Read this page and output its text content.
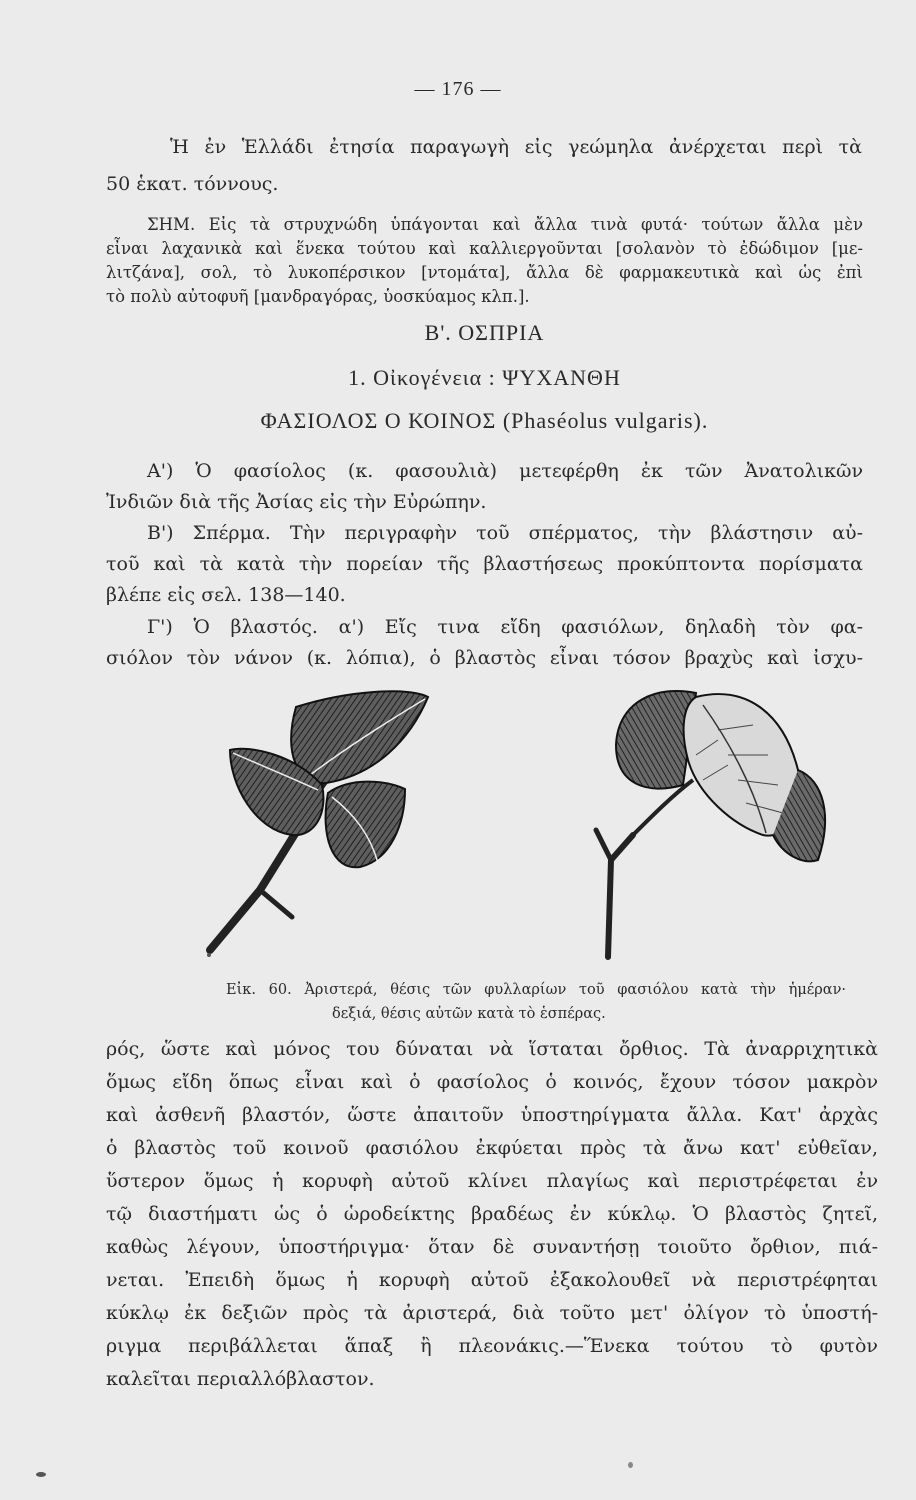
— 176 —
Ἡ ἐν Ἑλλάδι ἐτησία παραγωγὴ εἰς γεώμηλα ἀνέρχεται περὶ τὰ
50 ἑκατ. τόννους.
ΣΗΜ. Εἰς τὰ στρυχνώδη ὑπάγονται καὶ ἄλλα τινὰ φυτά· τούτων ἄλλα μὲν
εἶναι λαχανικὰ καὶ ἕνεκα τούτου καὶ καλλιεργοῦνται [σολανὸν τὸ ἐδώδιμον [με-
λιτζάνα], σολ, τὸ λυκοπέρσικον [ντομάτα], ἄλλα δὲ φαρμακευτικὰ καὶ ὡς ἐπὶ
τὸ πολὺ αὐτοφυῆ [μανδραγόρας, ὑοσκύαμος κλπ.].
Β'. ΟΣΠΡΙΑ
1. Οἰκογένεια : ΨΥΧΑΝΘΗ
ΦΑΣΙΟΛΟΣ Ο ΚΟΙΝΟΣ (Phaséolus vulgaris).
Α') Ὁ φασίολος (κ. φασουλιὰ) μετεφέρθη ἐκ τῶν Ἀνατολικῶν
Ἰνδιῶν διὰ τῆς Ἀσίας εἰς τὴν Εὐρώπην.
Β') Σπέρμα. Τὴν περιγραφὴν τοῦ σπέρματος, τὴν βλάστησιν αὐ-
τοῦ καὶ τὰ κατὰ τὴν πορείαν τῆς βλαστήσεως προκύπτοντα πορίσματα
βλέπε εἰς σελ. 138—140.
Γ') Ὁ βλαστός. α') Εἴς τινα εἴδη φασιόλων, δηλαδὴ τὸν φα-
σιόλον τὸν νάνον (κ. λόπια), ὁ βλαστὸς εἶναι τόσον βραχὺς καὶ ἰσχυ-
Εἰκ. 60. Ἀριστερά, θέσις τῶν φυλλαρίων τοῦ φασιόλου κατὰ τὴν ἡμέραν·
δεξιά, θέσις αὐτῶν κατὰ τὸ ἑσπέρας.
ρός, ὥστε καὶ μόνος του δύναται νὰ ἵσταται ὄρθιος. Τὰ ἀναρριχητικὰ
ὅμως εἴδη ὅπως εἶναι καὶ ὁ φασίολος ὁ κοινός, ἔχουν τόσον μακρὸν
καὶ ἀσθενῆ βλαστόν, ὥστε ἀπαιτοῦν ὑποστηρίγματα ἄλλα. Κατ' ἀρχὰς
ὁ βλαστὸς τοῦ κοινοῦ φασιόλου ἐκφύεται πρὸς τὰ ἄνω κατ' εὐθεῖαν,
ὕστερον ὅμως ἡ κορυφὴ αὐτοῦ κλίνει πλαγίως καὶ περιστρέφεται ἐν
τῷ διαστήματι ὡς ὁ ὡροδείκτης βραδέως ἐν κύκλῳ. Ὁ βλαστὸς ζητεῖ,
καθὼς λέγουν, ὑποστήριγμα· ὅταν δὲ συναντήσῃ τοιοῦτο ὄρθιον, πιά-
νεται. Ἐπειδὴ ὅμως ἡ κορυφὴ αὐτοῦ ἐξακολουθεῖ νὰ περιστρέφηται
κύκλῳ ἐκ δεξιῶν πρὸς τὰ ἀριστερά, διὰ τοῦτο μετ' ὀλίγον τὸ ὑποστή-
ριγμα περιβάλλεται ἅπαξ ἢ πλεονάκις.—Ἕνεκα τούτου τὸ φυτὸν
καλεῖται περιαλλόβλαστον.
